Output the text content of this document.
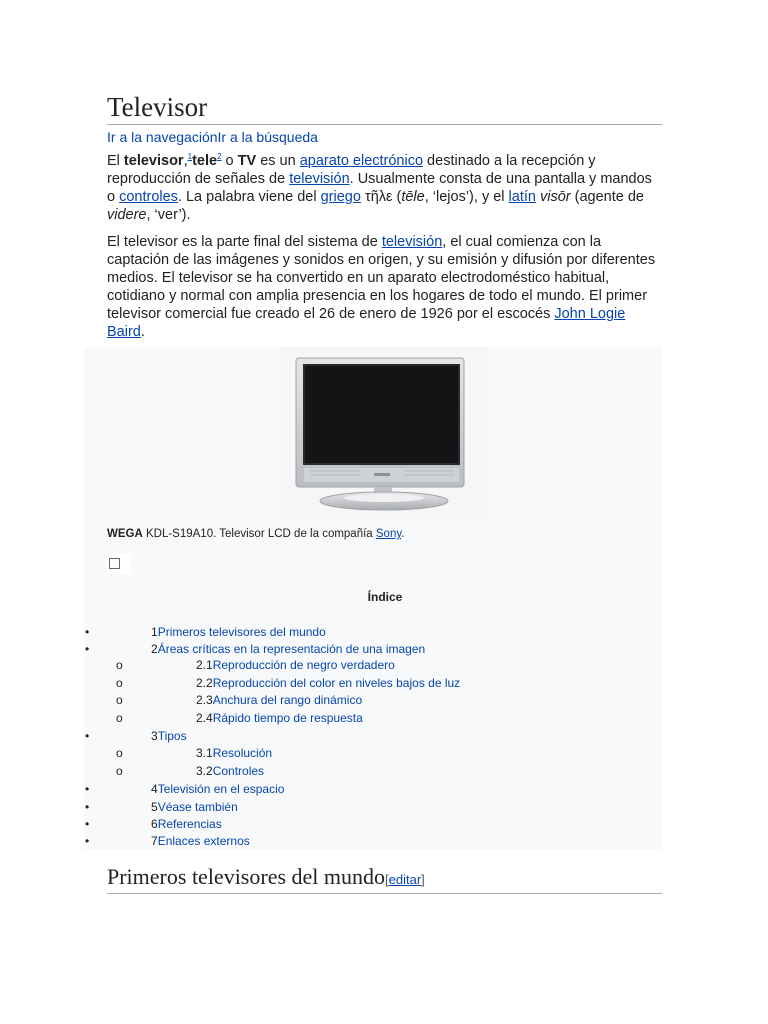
Televisor
Ir a la navegaciónIr a la búsqueda

El televisor,$^1$tele$^2$ o TV es un aparato electrónico destinado a la recepción y reproducción de señales de televisión. Usualmente consta de una pantalla y mandos o controles. La palabra viene del griego τῆλε (tēle, ‘lejos’), y el latín visōr (agente de videre, ‘ver’).

El televisor es la parte final del sistema de televisión, el cual comienza con la captación de las imágenes y sonidos en origen, y su emisión y difusión por diferentes medios. El televisor se ha convertido en un aparato electrodoméstico habitual, cotidiano y normal con amplia presencia en los hogares de todo el mundo. El primer televisor comercial fue creado el 26 de enero de 1926 por el escocés John Logie Baird.

WEGA KDL-S19A10. Televisor LCD de la compañía Sony.
Índice
•	1Primeros televisores del mundo
•	2Áreas críticas en la representación de una imagen
o	2.1Reproducción de negro verdadero
o	2.2Reproducción del color en niveles bajos de luz
o	2.3Anchura del rango dinámico
o	2.4Rápido tiempo de respuesta
•	3Tipos
o	3.1Resolución
o	3.2Controles
•	4Televisión en el espacio
•	5Véase también
•	6Referencias
•	7Enlaces externos
Primeros televisores del mundo[editar]
